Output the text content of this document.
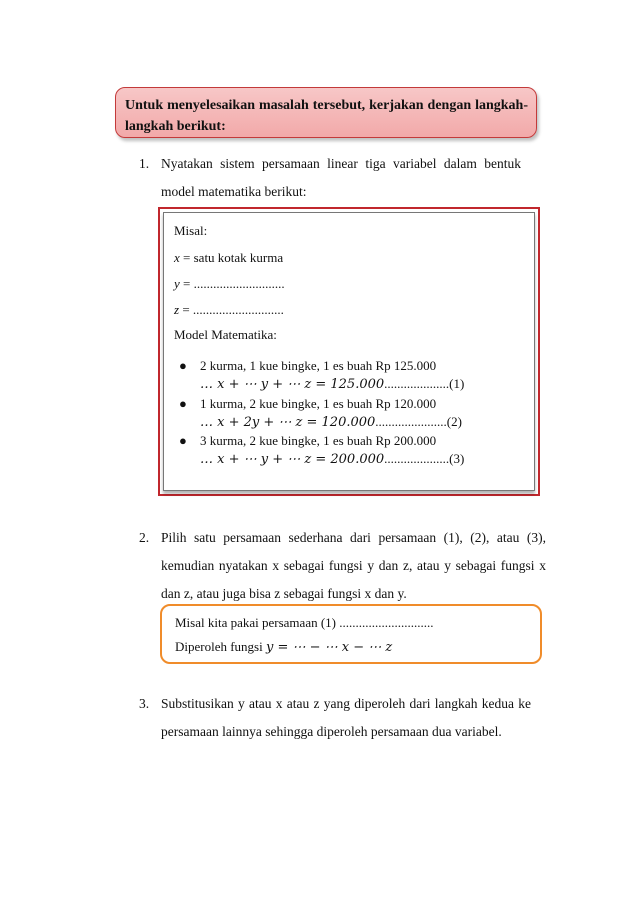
Untuk menyelesaikan masalah tersebut, kerjakan dengan langkah-langkah berikut:
1. Nyatakan sistem persamaan linear tiga variabel dalam bentuk model matematika berikut:
Misal:
x = satu kotak kurma
y = ............................
z = ............................
Model Matematika:
● 2 kurma, 1 kue bingke, 1 es buah Rp 125.000
… 𝑥 + ⋯ 𝑦 + ⋯ 𝑧 = 125.000....................(1)
● 1 kurma, 2 kue bingke, 1 es buah Rp 120.000
… 𝑥 + 2𝑦 + ⋯ 𝑧 = 120.000......................(2)
● 3 kurma, 2 kue bingke, 1 es buah Rp 200.000
… 𝑥 + ⋯ 𝑦 + ⋯ 𝑧 = 200.000....................(3)
2. Pilih satu persamaan sederhana dari persamaan (1), (2), atau (3), kemudian nyatakan x sebagai fungsi y dan z, atau y sebagai fungsi x dan z, atau juga bisa z sebagai fungsi x dan y.
Misal kita pakai persamaan (1) .............................
Diperoleh fungsi 𝑦 = ⋯ − ⋯ 𝑥 − ⋯ 𝑧
3. Substitusikan y atau x atau z yang diperoleh dari langkah kedua ke persamaan lainnya sehingga diperoleh persamaan dua variabel.
